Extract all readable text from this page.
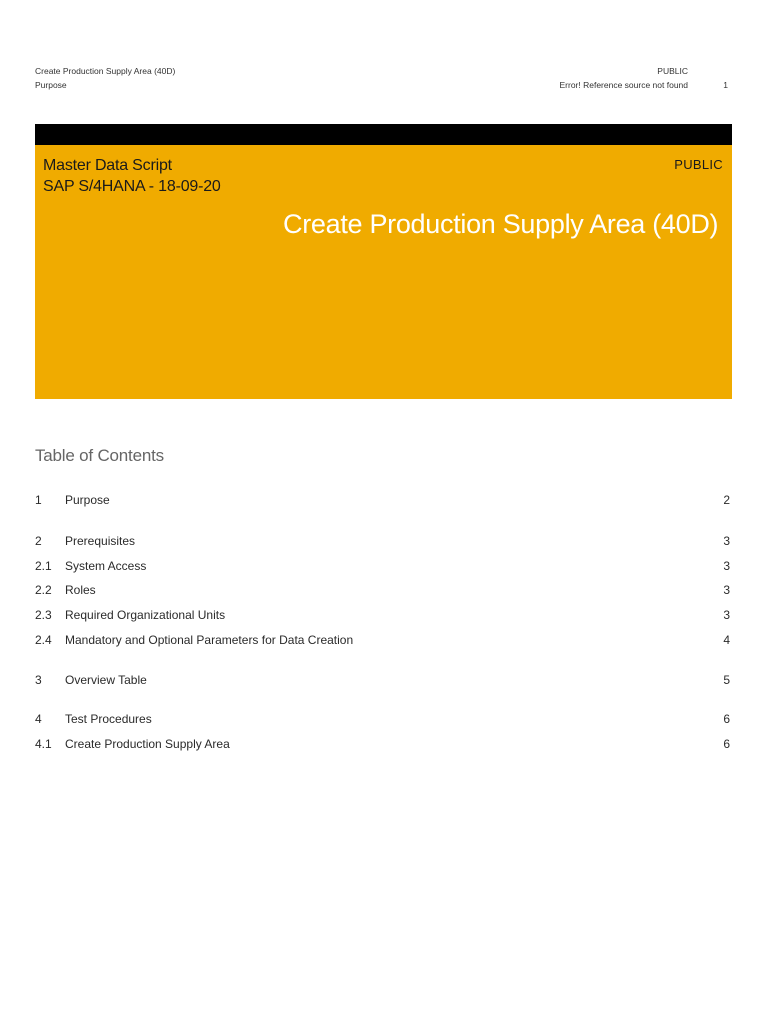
Create Production Supply Area (40D)
Purpose
PUBLIC
Error! Reference source not found	1
Master Data Script
SAP S/4HANA - 18-09-20
PUBLIC
Create Production Supply Area (40D)
Table of Contents
1 Purpose	2
2 Prerequisites	3
2.1 System Access	3
2.2 Roles	3
2.3 Required Organizational Units	3
2.4 Mandatory and Optional Parameters for Data Creation	4
3 Overview Table	5
4 Test Procedures	6
4.1 Create Production Supply Area	6
